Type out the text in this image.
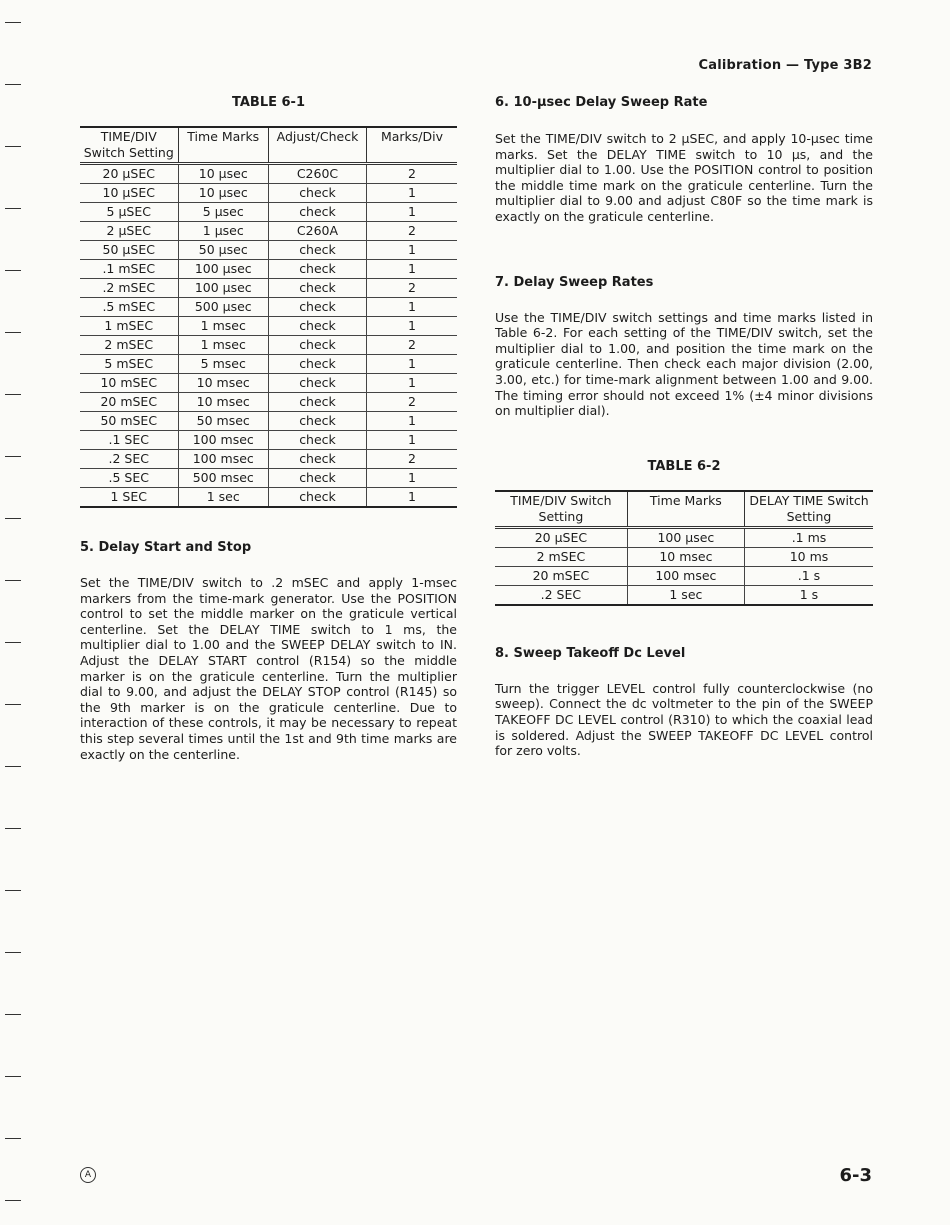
Calibration — Type 3B2
TABLE 6-1
TIME/DIV Switch Setting	Time Marks	Adjust/Check	Marks/Div
20 μSEC	10 μsec	C260C	2
10 μSEC	10 μsec	check	1
5 μSEC	5 μsec	check	1
2 μSEC	1 μsec	C260A	2
50 μSEC	50 μsec	check	1
.1 mSEC	100 μsec	check	1
.2 mSEC	100 μsec	check	2
.5 mSEC	500 μsec	check	1
1 mSEC	1 msec	check	1
2 mSEC	1 msec	check	2
5 mSEC	5 msec	check	1
10 mSEC	10 msec	check	1
20 mSEC	10 msec	check	2
50 mSEC	50 msec	check	1
.1 SEC	100 msec	check	1
.2 SEC	100 msec	check	2
.5 SEC	500 msec	check	1
1 SEC	1 sec	check	1
5. Delay Start and Stop

Set the TIME/DIV switch to .2 mSEC and apply 1-msec markers from the time-mark generator. Use the POSITION control to set the middle marker on the graticule vertical centerline. Set the DELAY TIME switch to 1 ms, the multiplier dial to 1.00 and the SWEEP DELAY switch to IN. Adjust the DELAY START control (R154) so the middle marker is on the graticule centerline. Turn the multiplier dial to 9.00, and adjust the DELAY STOP control (R145) so the 9th marker is on the graticule centerline. Due to interaction of these controls, it may be necessary to repeat this step several times until the 1st and 9th time marks are exactly on the centerline.

6. 10-μsec Delay Sweep Rate

Set the TIME/DIV switch to 2 μSEC, and apply 10-μsec time marks. Set the DELAY TIME switch to 10 μs, and the multiplier dial to 1.00. Use the POSITION control to position the middle time mark on the graticule centerline. Turn the multiplier dial to 9.00 and adjust C80F so the time mark is exactly on the graticule centerline.

7. Delay Sweep Rates

Use the TIME/DIV switch settings and time marks listed in Table 6-2. For each setting of the TIME/DIV switch, set the multiplier dial to 1.00, and position the time mark on the graticule centerline. Then check each major division (2.00, 3.00, etc.) for time-mark alignment between 1.00 and 9.00. The timing error should not exceed 1% (±4 minor divisions on multiplier dial).

TABLE 6-2
TIME/DIV Switch Setting	Time Marks	DELAY TIME Switch Setting
20 μSEC	100 μsec	.1 ms
2 mSEC	10 msec	10 ms
20 mSEC	100 msec	.1 s
.2 SEC	1 sec	1 s
8. Sweep Takeoff Dc Level

Turn the trigger LEVEL control fully counterclockwise (no sweep). Connect the dc voltmeter to the pin of the SWEEP TAKEOFF DC LEVEL control (R310) to which the coaxial lead is soldered. Adjust the SWEEP TAKEOFF DC LEVEL control for zero volts.

A	6-3
